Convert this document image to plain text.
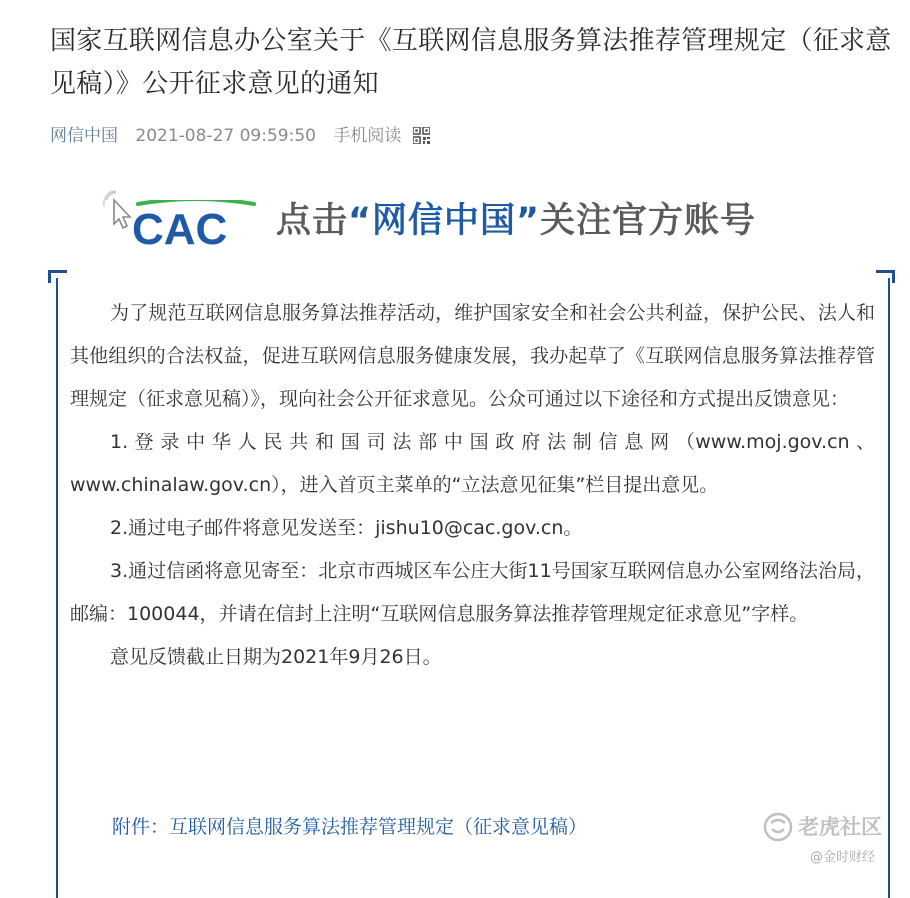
国家互联网信息办公室关于《互联网信息服务算法推荐管理规定（征求意见稿）》公开征求意见的通知
网信中国 2021-08-27 09:59:50 手机阅读
CAC 点击“网信中国”关注官方账号

为了规范互联网信息服务算法推荐活动，维护国家安全和社会公共利益，保护公民、法人和其他组织的合法权益，促进互联网信息服务健康发展，我办起草了《互联网信息服务算法推荐管理规定（征求意见稿）》，现向社会公开征求意见。公众可通过以下途径和方式提出反馈意见：

1. 登 录 中 华 人 民 共 和 国 司 法 部 中 国 政 府 法 制 信 息 网 （www.moj.gov.cn 、 www.chinalaw.gov.cn），进入首页主菜单的“立法意见征集”栏目提出意见。

2.通过电子邮件将意见发送至：jishu10@cac.gov.cn。

3.通过信函将意见寄至：北京市西城区车公庄大街11号国家互联网信息办公室网络法治局，邮编：100044，并请在信封上注明“互联网信息服务算法推荐管理规定征求意见”字样。

意见反馈截止日期为2021年9月26日。

附件：互联网信息服务算法推荐管理规定（征求意见稿）	老虎社区
@金时财经
